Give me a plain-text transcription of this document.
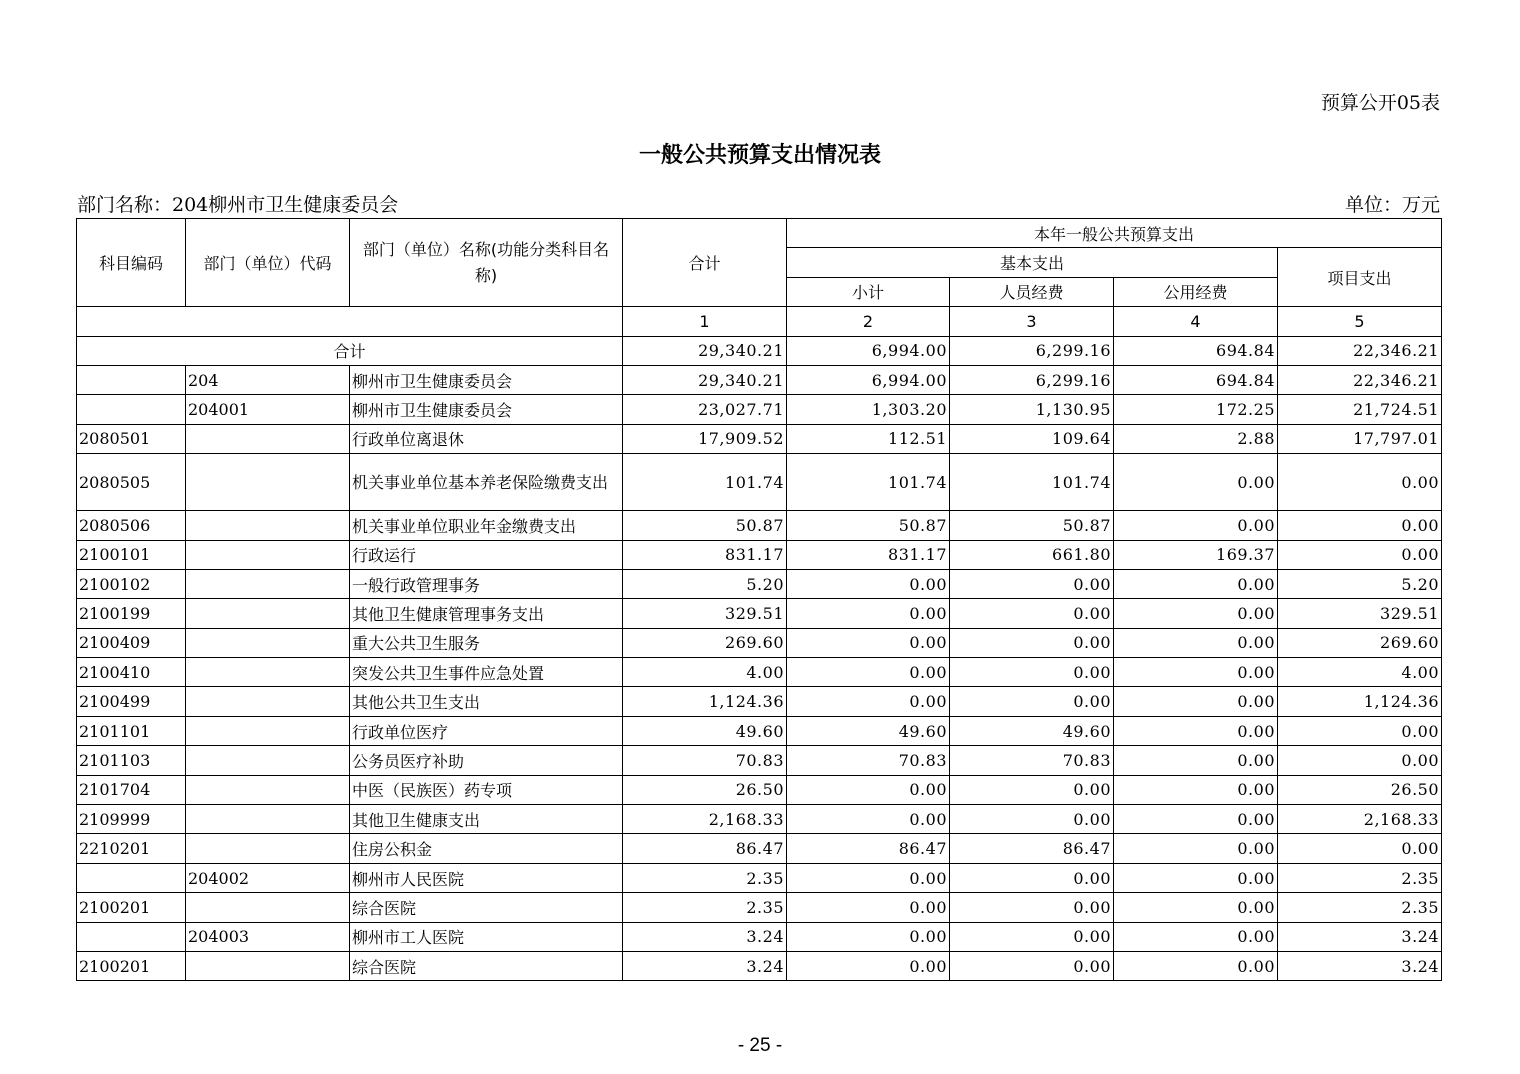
预算公开05表
一般公共预算支出情况表
部门名称：204柳州市卫生健康委员会	单位：万元
科目编码	部门（单位）代码	部门（单位）名称(功能分类科目名称)	合计	本年一般公共预算支出			
				基本支出			项目支出
				小计	人员经费	公用经费	
			1	2	3	4	5
合计			29,340.21	6,994.00	6,299.16	694.84	22,346.21
	204	柳州市卫生健康委员会	29,340.21	6,994.00	6,299.16	694.84	22,346.21
	204001	柳州市卫生健康委员会	23,027.71	1,303.20	1,130.95	172.25	21,724.51
2080501		行政单位离退休	17,909.52	112.51	109.64	2.88	17,797.01
2080505		机关事业单位基本养老保险缴费支出	101.74	101.74	101.74	0.00	0.00
2080506		机关事业单位职业年金缴费支出	50.87	50.87	50.87	0.00	0.00
2100101		行政运行	831.17	831.17	661.80	169.37	0.00
2100102		一般行政管理事务	5.20	0.00	0.00	0.00	5.20
2100199		其他卫生健康管理事务支出	329.51	0.00	0.00	0.00	329.51
2100409		重大公共卫生服务	269.60	0.00	0.00	0.00	269.60
2100410		突发公共卫生事件应急处置	4.00	0.00	0.00	0.00	4.00
2100499		其他公共卫生支出	1,124.36	0.00	0.00	0.00	1,124.36
2101101		行政单位医疗	49.60	49.60	49.60	0.00	0.00
2101103		公务员医疗补助	70.83	70.83	70.83	0.00	0.00
2101704		中医（民族医）药专项	26.50	0.00	0.00	0.00	26.50
2109999		其他卫生健康支出	2,168.33	0.00	0.00	0.00	2,168.33
2210201		住房公积金	86.47	86.47	86.47	0.00	0.00
	204002	柳州市人民医院	2.35	0.00	0.00	0.00	2.35
2100201		综合医院	2.35	0.00	0.00	0.00	2.35
	204003	柳州市工人医院	3.24	0.00	0.00	0.00	3.24
2100201		综合医院	3.24	0.00	0.00	0.00	3.24
- 25 -
